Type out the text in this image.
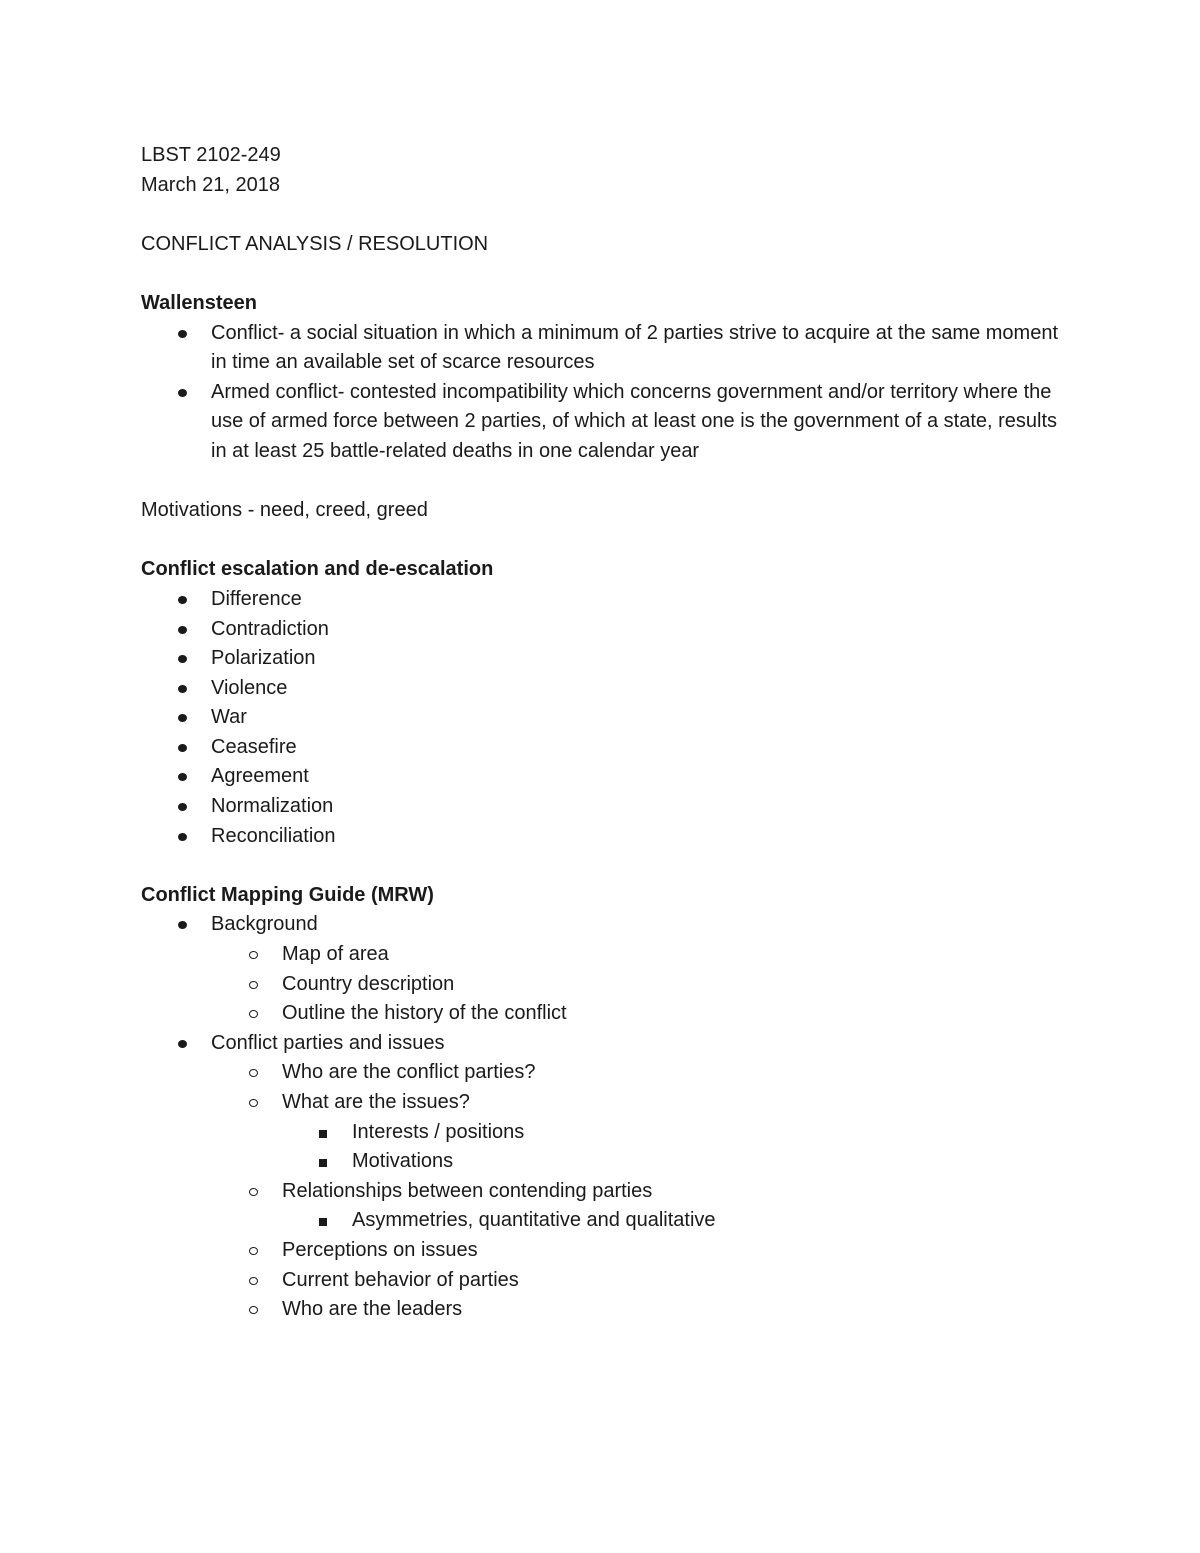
LBST 2102-249
March 21, 2018
CONFLICT ANALYSIS / RESOLUTION
Wallensteen
Conflict- a social situation in which a minimum of 2 parties strive to acquire at the same moment in time an available set of scarce resources
Armed conflict- contested incompatibility which concerns government and/or territory where the use of armed force between 2 parties, of which at least one is the government of a state, results in at least 25 battle-related deaths in one calendar year
Motivations - need, creed, greed
Conflict escalation and de-escalation
Difference
Contradiction
Polarization
Violence
War
Ceasefire
Agreement
Normalization
Reconciliation
Conflict Mapping Guide (MRW)
Background
Map of area
Country description
Outline the history of the conflict
Conflict parties and issues
Who are the conflict parties?
What are the issues?
Interests / positions
Motivations
Relationships between contending parties
Asymmetries, quantitative and qualitative
Perceptions on issues
Current behavior of parties
Who are the leaders
